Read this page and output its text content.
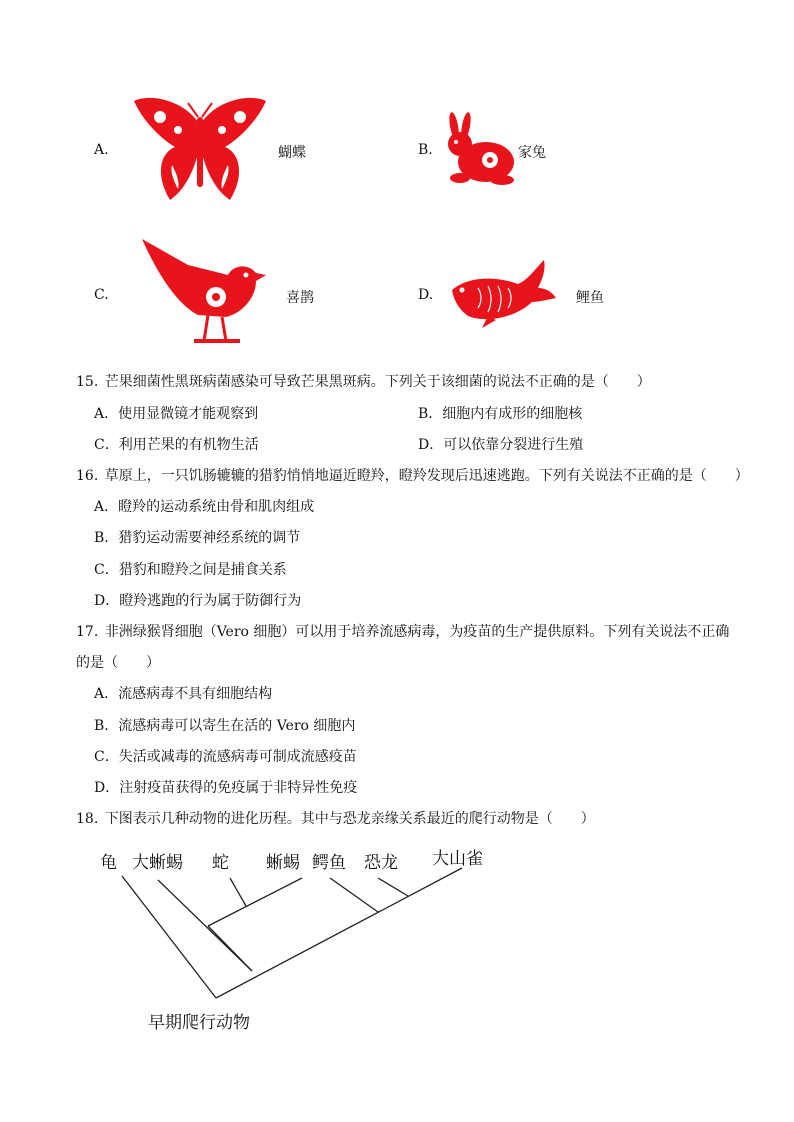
A.	蝴蝶	B.	家兔
C.	喜鹊	D.	鲤鱼
15. 芒果细菌性黑斑病菌感染可导致芒果黑斑病。下列关于该细菌的说法不正确的是（　　）
A．使用显微镜才能观察到	B．细胞内有成形的细胞核
C．利用芒果的有机物生活	D．可以依靠分裂进行生殖
16. 草原上，一只饥肠辘辘的猎豹悄悄地逼近瞪羚，瞪羚发现后迅速逃跑。下列有关说法不正确的是（　　）
A．瞪羚的运动系统由骨和肌肉组成
B．猎豹运动需要神经系统的调节
C．猎豹和瞪羚之间是捕食关系
D．瞪羚逃跑的行为属于防御行为
17. 非洲绿猴肾细胞（Vero 细胞）可以用于培养流感病毒，为疫苗的生产提供原料。下列有关说法不正确
的是（　　）
A．流感病毒不具有细胞结构
B．流感病毒可以寄生在活的 Vero 细胞内
C．失活或减毒的流感病毒可制成流感疫苗
D．注射疫苗获得的免疫属于非特异性免疫
18. 下图表示几种动物的进化历程。其中与恐龙亲缘关系最近的爬行动物是（　　）
龟 大蜥蜴 蛇 蜥蜴 鳄鱼 恐龙 大山雀
早期爬行动物
